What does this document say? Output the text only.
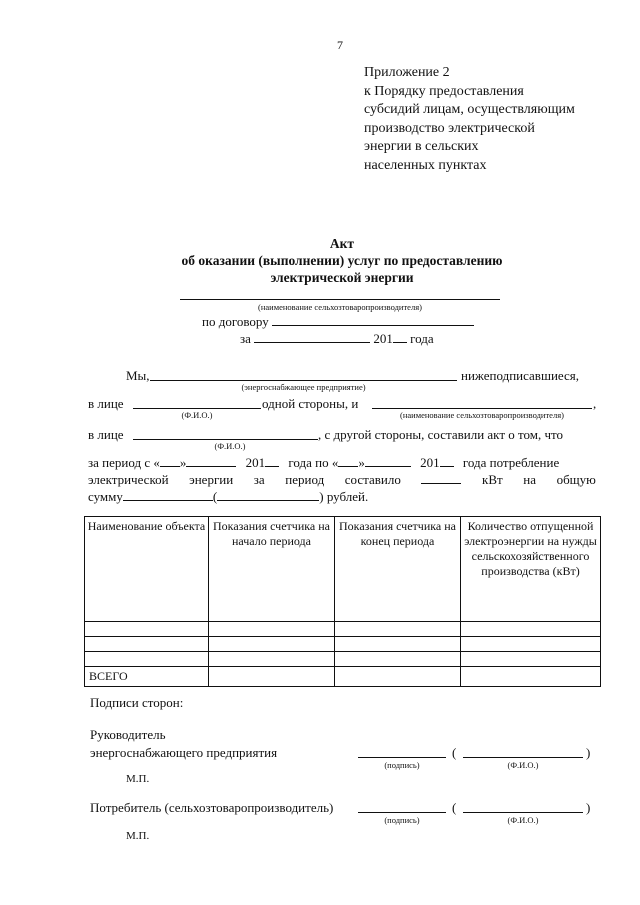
7
Приложение 2
к Порядку предоставления
субсидий лицам, осуществляющим
производство электрической
энергии в сельских
населенных пунктах
Акт
об оказании (выполнении) услуг по предоставлению
электрической энергии
(наименование сельхозтоваропроизводителя)
по договору
за	201 года
Мы,	нижеподписавшиеся,
(энергоснабжающее предприятие)
в лице	одной стороны, и	,
(Ф.И.О.)	(наименование сельхозтоваропроизводителя)
в лице	, с другой стороны, составили акт о том, что
(Ф.И.О.)
за период с « »	201 года по « »	201 года потребление
электрической энергии за период составило	кВт на общую
сумму	(	) рублей.
Наименование объекта	Показания счетчика на начало периода	Показания счетчика на конец периода	Количество отпущенной электроэнергии на нужды сельскохозяйственного производства (кВт)

ВСЕГО			
Подписи сторон:
Руководитель
энергоснабжающего предприятия	(	)
(подпись)	(Ф.И.О.)
М.П.
Потребитель (сельхозтоваропроизводитель)	(	)
(подпись)	(Ф.И.О.)
М.П.
